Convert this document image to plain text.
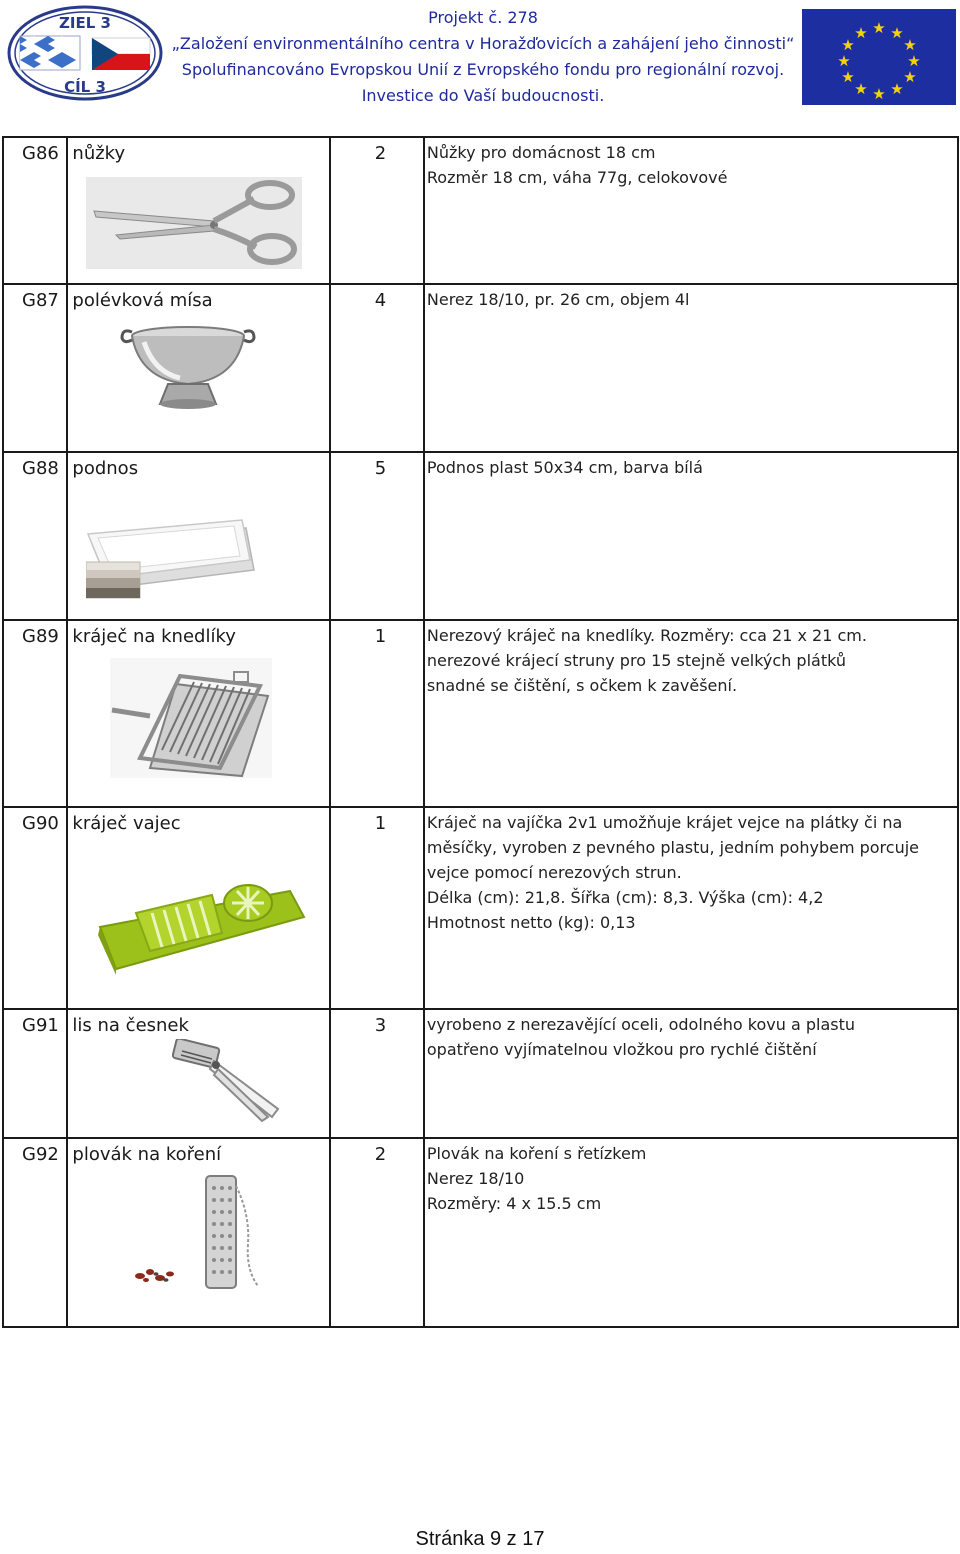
ZIEL 3
CÍL 3
Projekt č. 278
„Založení environmentálního centra v Horažďovicích a zahájení jeho činnosti“
Spolufinancováno Evropskou Unií z Evropského fondu pro regionální rozvoj.
Investice do Vaší budoucnosti.
★ ★
★
★
★
★
★
★
★
★
★
★
G86	nůžky	2	Nůžky pro domácnost 18 cm
Rozměr 18 cm, váha 77g, celokovové

G87	polévková mísa	4	Nerez 18/10, pr. 26 cm, objem 4l

G88	podnos	5	Podnos plast 50x34 cm, barva bílá

G89	kráječ na knedlíky	1	Nerezový kráječ na knedlíky. Rozměry: cca 21 x 21 cm.
nerezové krájecí struny pro 15 stejně velkých plátků
snadné se čištění, s očkem k zavěšení.

G90	kráječ vajec	1	Kráječ na vajíčka 2v1 umožňuje krájet vejce na plátky či na
měsíčky, vyroben z pevného plastu, jedním pohybem porcuje
vejce pomocí nerezových strun.
Délka (cm): 21,8. Šířka (cm): 8,3. Výška (cm): 4,2
Hmotnost netto (kg): 0,13

G91	lis na česnek	3	vyrobeno z nerezavějící oceli, odolného kovu a plastu
opatřeno vyjímatelnou vložkou pro rychlé čištění

G92	plovák na koření	2	Plovák na koření s řetízkem
Nerez 18/10
Rozměry: 4 x 15.5 cm
Stránka 9 z 17
